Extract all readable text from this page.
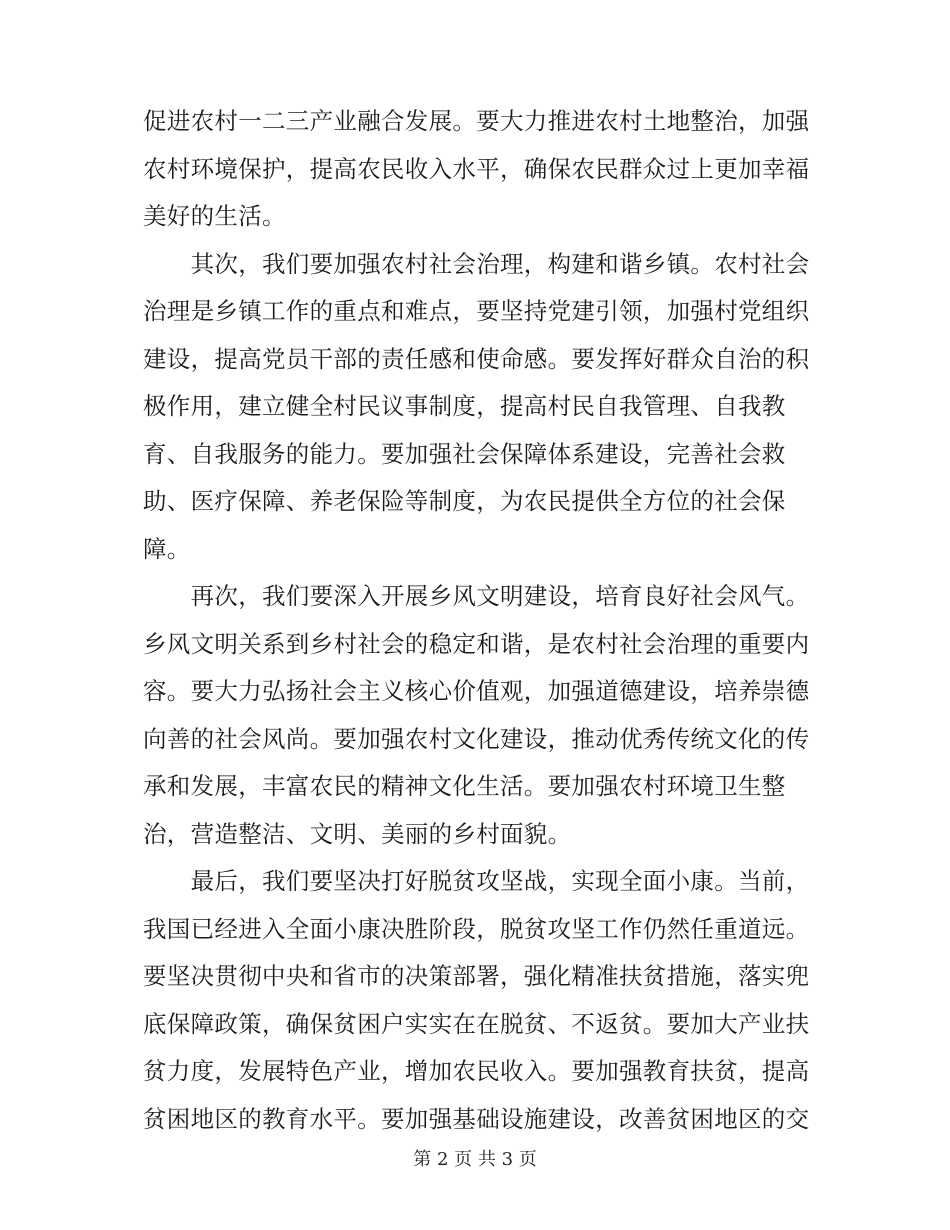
促进农村一二三产业融合发展。要大力推进农村土地整治，加强
农村环境保护，提高农民收入水平，确保农民群众过上更加幸福
美好的生活。
　　其次，我们要加强农村社会治理，构建和谐乡镇。农村社会
治理是乡镇工作的重点和难点，要坚持党建引领，加强村党组织
建设，提高党员干部的责任感和使命感。要发挥好群众自治的积
极作用，建立健全村民议事制度，提高村民自我管理、自我教
育、自我服务的能力。要加强社会保障体系建设，完善社会救
助、医疗保障、养老保险等制度，为农民提供全方位的社会保
障。
　　再次，我们要深入开展乡风文明建设，培育良好社会风气。
乡风文明关系到乡村社会的稳定和谐，是农村社会治理的重要内
容。要大力弘扬社会主义核心价值观，加强道德建设，培养崇德
向善的社会风尚。要加强农村文化建设，推动优秀传统文化的传
承和发展，丰富农民的精神文化生活。要加强农村环境卫生整
治，营造整洁、文明、美丽的乡村面貌。
　　最后，我们要坚决打好脱贫攻坚战，实现全面小康。当前，
我国已经进入全面小康决胜阶段，脱贫攻坚工作仍然任重道远。
要坚决贯彻中央和省市的决策部署，强化精准扶贫措施，落实兜
底保障政策，确保贫困户实实在在脱贫、不返贫。要加大产业扶
贫力度，发展特色产业，增加农民收入。要加强教育扶贫，提高
贫困地区的教育水平。要加强基础设施建设，改善贫困地区的交
第 2 页 共 3 页
